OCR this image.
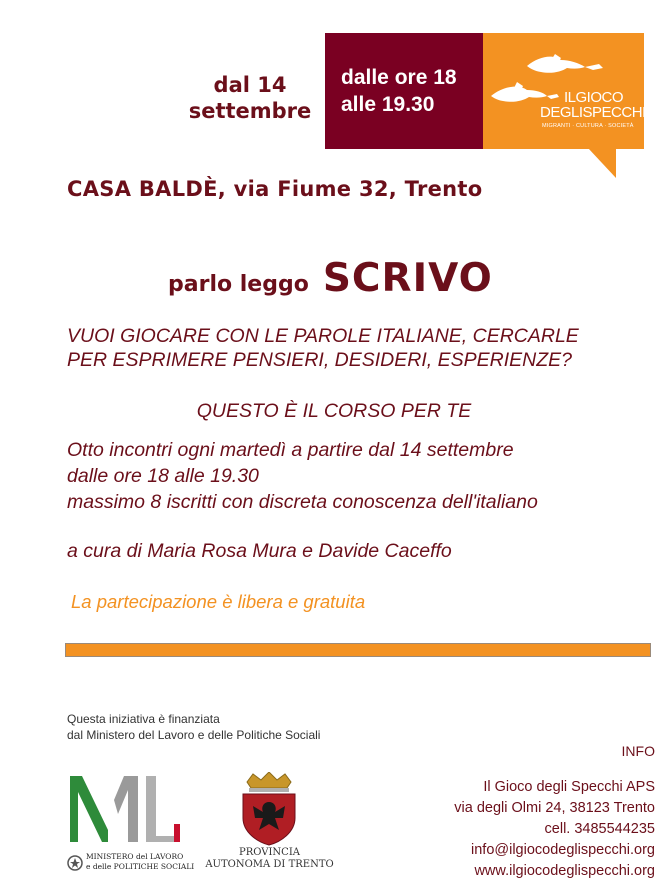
dal 14
settembre
dalle ore 18
alle 19.30	ILGIOCO
DEGLISPECCHI
MIGRANTI · CULTURA · SOCIETÀ
CASA BALDÈ, via Fiume 32, Trento
parlo leggo SCRIVO
VUOI GIOCARE CON LE PAROLE ITALIANE, CERCARLE
PER ESPRIMERE PENSIERI, DESIDERI, ESPERIENZE?
QUESTO È IL CORSO PER TE
Otto incontri ogni martedì a partire dal 14 settembre
dalle ore 18 alle 19.30
massimo 8 iscritti con discreta conoscenza dell'italiano
a cura di Maria Rosa Mura e Davide Caceffo
La partecipazione è libera e gratuita
Questa iniziativa è finanziata
dal Ministero del Lavoro e delle Politiche Sociali
MINISTERO del LAVORO
e delle POLITICHE SOCIALI
PROVINCIA
AUTONOMA DI TRENTO
INFO
Il Gioco degli Specchi APS
via degli Olmi 24, 38123 Trento
cell. 3485544235
info@ilgiocodeglispecchi.org
www.ilgiocodeglispecchi.org
